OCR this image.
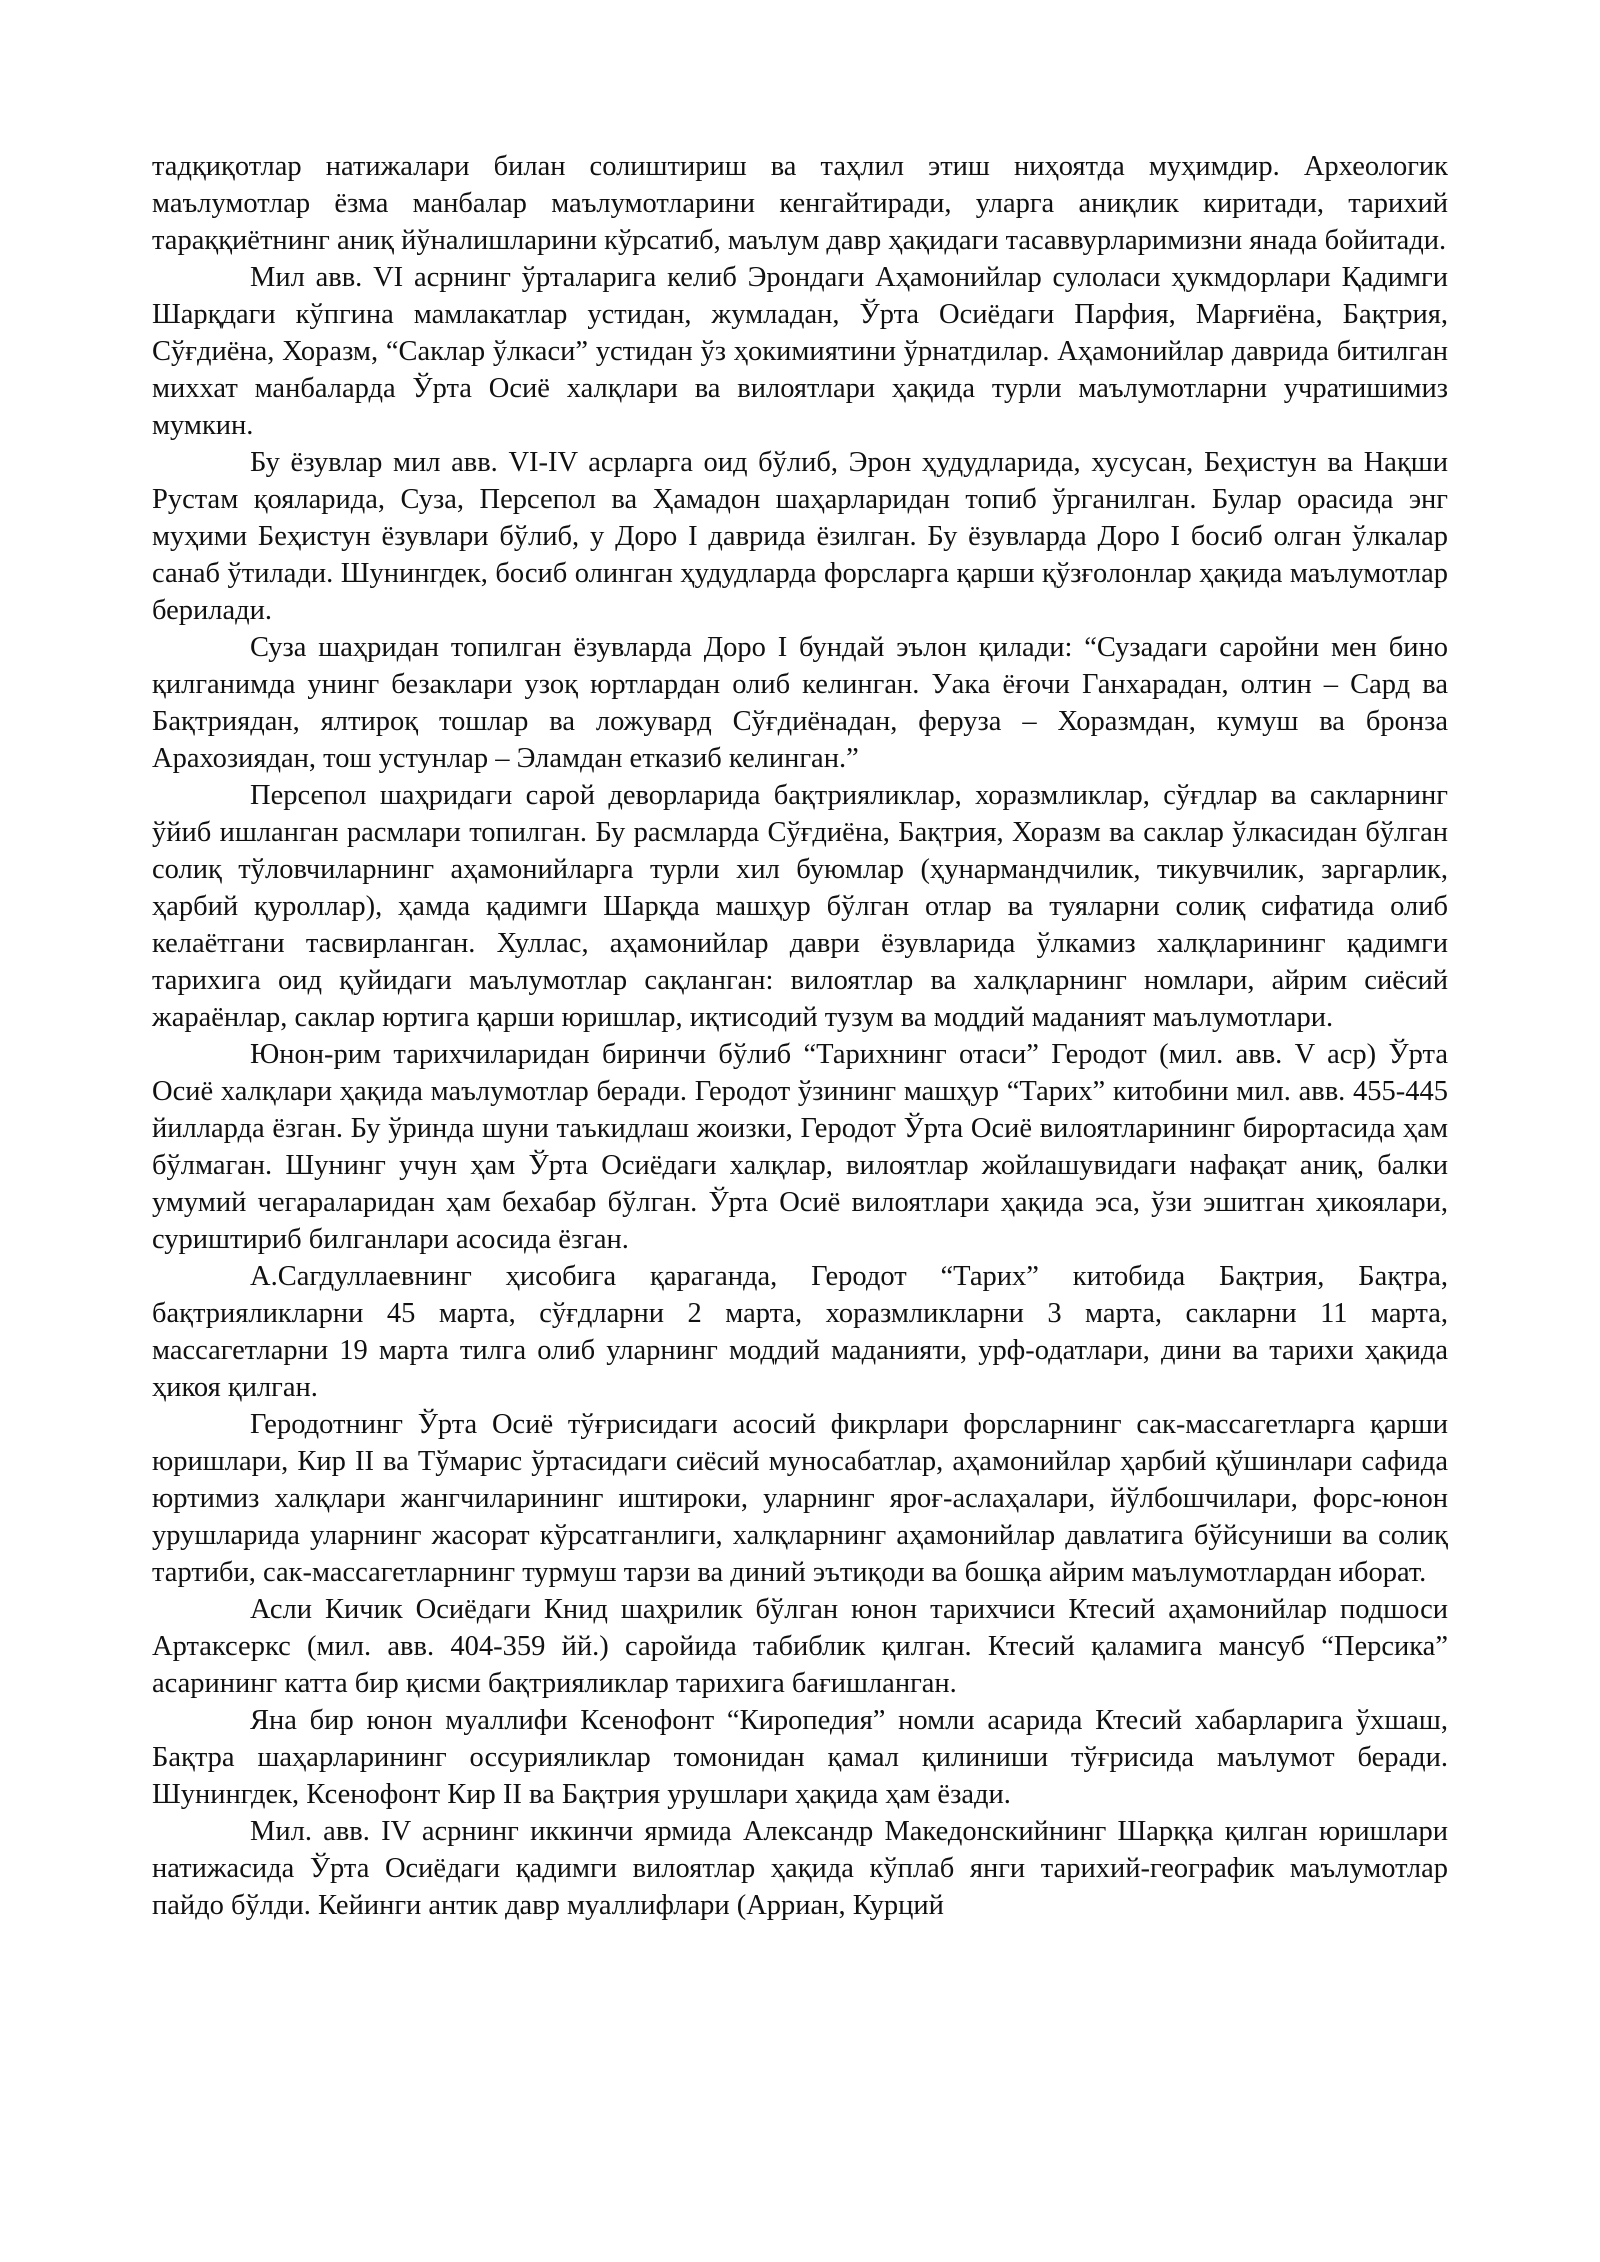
тадқиқотлар натижалари билан солиштириш ва таҳлил этиш ниҳоятда муҳимдир. Археологик маълумотлар ёзма манбалар маълумотларини кенгайтиради, уларга аниқлик киритади, тарихий тараққиётнинг аниқ йўналишларини кўрсатиб, маълум давр ҳақидаги тасаввурларимизни янада бойитади.

Мил авв. VI асрнинг ўрталарига келиб Эрондаги Аҳамонийлар сулоласи ҳукмдорлари Қадимги Шарқдаги кўпгина мамлакатлар устидан, жумладан, Ўрта Осиёдаги Парфия, Марғиёна, Бақтрия, Сўғдиёна, Хоразм, “Саклар ўлкаси” устидан ўз ҳокимиятини ўрнатдилар. Аҳамонийлар даврида битилган миххат манбаларда Ўрта Осиё халқлари ва вилоятлари ҳақида турли маълумотларни учратишимиз мумкин.

Бу ёзувлар мил авв. VI-IV асрларга оид бўлиб, Эрон ҳудудларида, хусусан, Беҳистун ва Нақши Рустам қояларида, Суза, Персепол ва Ҳамадон шаҳарларидан топиб ўрганилган. Булар орасида энг муҳими Беҳистун ёзувлари бўлиб, у Доро I даврида ёзилган. Бу ёзувларда Доро I босиб олган ўлкалар санаб ўтилади. Шунингдек, босиб олинган ҳудудларда форсларга қарши қўзғолонлар ҳақида маълумотлар берилади.

Суза шаҳридан топилган ёзувларда Доро I бундай эълон қилади: “Сузадаги саройни мен бино қилганимда унинг безаклари узоқ юртлардан олиб келинган. Уака ёғочи Ганхарадан, олтин – Сард ва Бақтриядан, ялтироқ тошлар ва ложувард Сўғдиёнадан, феруза – Хоразмдан, кумуш ва бронза Арахозиядан, тош устунлар – Эламдан етказиб келинган.”

Персепол шаҳридаги сарой деворларида бақтрияликлар, хоразмликлар, сўғдлар ва сакларнинг ўйиб ишланган расмлари топилган. Бу расмларда Сўғдиёна, Бақтрия, Хоразм ва саклар ўлкасидан бўлган солиқ тўловчиларнинг аҳамонийларга турли хил буюмлар (ҳунармандчилик, тикувчилик, заргарлик, ҳарбий қуроллар), ҳамда қадимги Шарқда машҳур бўлган отлар ва туяларни солиқ сифатида олиб келаётгани тасвирланган. Хуллас, аҳамонийлар даври ёзувларида ўлкамиз халқларининг қадимги тарихига оид қуйидаги маълумотлар сақланган: вилоятлар ва халқларнинг номлари, айрим сиёсий жараёнлар, саклар юртига қарши юришлар, иқтисодий тузум ва моддий маданият маълумотлари.

Юнон-рим тарихчиларидан биринчи бўлиб “Тарихнинг отаси” Геродот (мил. авв. V аср) Ўрта Осиё халқлари ҳақида маълумотлар беради. Геродот ўзининг машҳур “Тарих” китобини мил. авв. 455-445 йилларда ёзган. Бу ўринда шуни таъкидлаш жоизки, Геродот Ўрта Осиё вилоятларининг бирортасида ҳам бўлмаган. Шунинг учун ҳам Ўрта Осиёдаги халқлар, вилоятлар жойлашувидаги нафақат аниқ, балки умумий чегараларидан ҳам бехабар бўлган. Ўрта Осиё вилоятлари ҳақида эса, ўзи эшитган ҳикоялари, суриштириб билганлари асосида ёзган.

А.Сагдуллаевнинг ҳисобига қараганда, Геродот “Тарих” китобида Бақтрия, Бақтра, бақтрияликларни 45 марта, сўғдларни 2 марта, хоразмликларни 3 марта, сакларни 11 марта, массагетларни 19 марта тилга олиб уларнинг моддий маданияти, урф-одатлари, дини ва тарихи ҳақида ҳикоя қилган.

Геродотнинг Ўрта Осиё тўғрисидаги асосий фикрлари форсларнинг сак-массагетларга қарши юришлари, Кир II ва Тўмарис ўртасидаги сиёсий муносабатлар, аҳамонийлар ҳарбий қўшинлари сафида юртимиз халқлари жангчиларининг иштироки, уларнинг яроғ-аслаҳалари, йўлбошчилари, форс-юнон урушларида уларнинг жасорат кўрсатганлиги, халқларнинг аҳамонийлар давлатига бўйсуниши ва солиқ тартиби, сак-массагетларнинг турмуш тарзи ва диний эътиқоди ва бошқа айрим маълумотлардан иборат.

Асли Кичик Осиёдаги Книд шаҳрилик бўлган юнон тарихчиси Ктесий аҳамонийлар подшоси Артаксеркс (мил. авв. 404-359 йй.) саройида табиблик қилган. Ктесий қаламига мансуб “Персика” асарининг катта бир қисми бақтрияликлар тарихига бағишланган.

Яна бир юнон муаллифи Ксенофонт “Киропедия” номли асарида Ктесий хабарларига ўхшаш, Бақтра шаҳарларининг оссурияликлар томонидан қамал қилиниши тўғрисида маълумот беради. Шунингдек, Ксенофонт Кир II ва Бақтрия урушлари ҳақида ҳам ёзади.

Мил. авв. IV асрнинг иккинчи ярмида Александр Македонскийнинг Шарққа қилган юришлари натижасида Ўрта Осиёдаги қадимги вилоятлар ҳақида кўплаб янги тарихий-географик маълумотлар пайдо бўлди. Кейинги антик давр муаллифлари (Арриан, Курций
